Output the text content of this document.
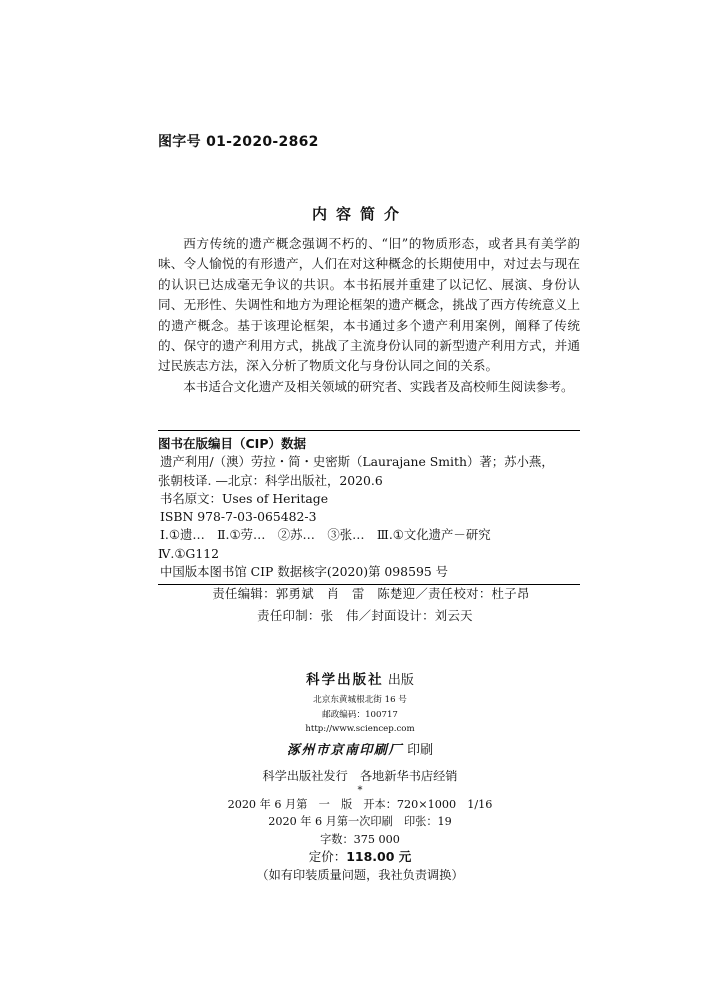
图字号 01-2020-2862
内容简介

西方传统的遗产概念强调不朽的、“旧”的物质形态，或者具有美学韵味、令人愉悦的有形遗产，人们在对这种概念的长期使用中，对过去与现在的认识已达成毫无争议的共识。本书拓展并重建了以记忆、展演、身份认同、无形性、失调性和地方为理论框架的遗产概念，挑战了西方传统意义上的遗产概念。基于该理论框架，本书通过多个遗产利用案例，阐释了传统的、保守的遗产利用方式，挑战了主流身份认同的新型遗产利用方式，并通过民族志方法，深入分析了物质文化与身份认同之间的关系。

本书适合文化遗产及相关领域的研究者、实践者及高校师生阅读参考。

图书在版编目（CIP）数据
遗产利用/（澳）劳拉・简・史密斯（Laurajane Smith）著；苏小燕，
张朝枝译. —北京：科学出版社，2020.6
书名原文：Uses of Heritage
ISBN 978-7-03-065482-3
Ⅰ.①遗…　Ⅱ.①劳…　②苏…　③张…　Ⅲ.①文化遗产－研究
Ⅳ.①G112
中国版本图书馆 CIP 数据核字(2020)第 098595 号
责任编辑：郭勇斌　肖　雷　陈楚迎／责任校对：杜子昂
责任印制：张　伟／封面设计：刘云天
科学出版社 出版
北京东黄城根北街 16 号
邮政编码：100717
http://www.sciencep.com
涿州市京南印刷厂 印刷
科学出版社发行　各地新华书店经销
*
2020 年 6 月第　一　版　开本：720×1000　1/16
2020 年 6 月第一次印刷　印张：19
字数：375 000
定价：118.00 元
（如有印装质量问题，我社负责调换）
